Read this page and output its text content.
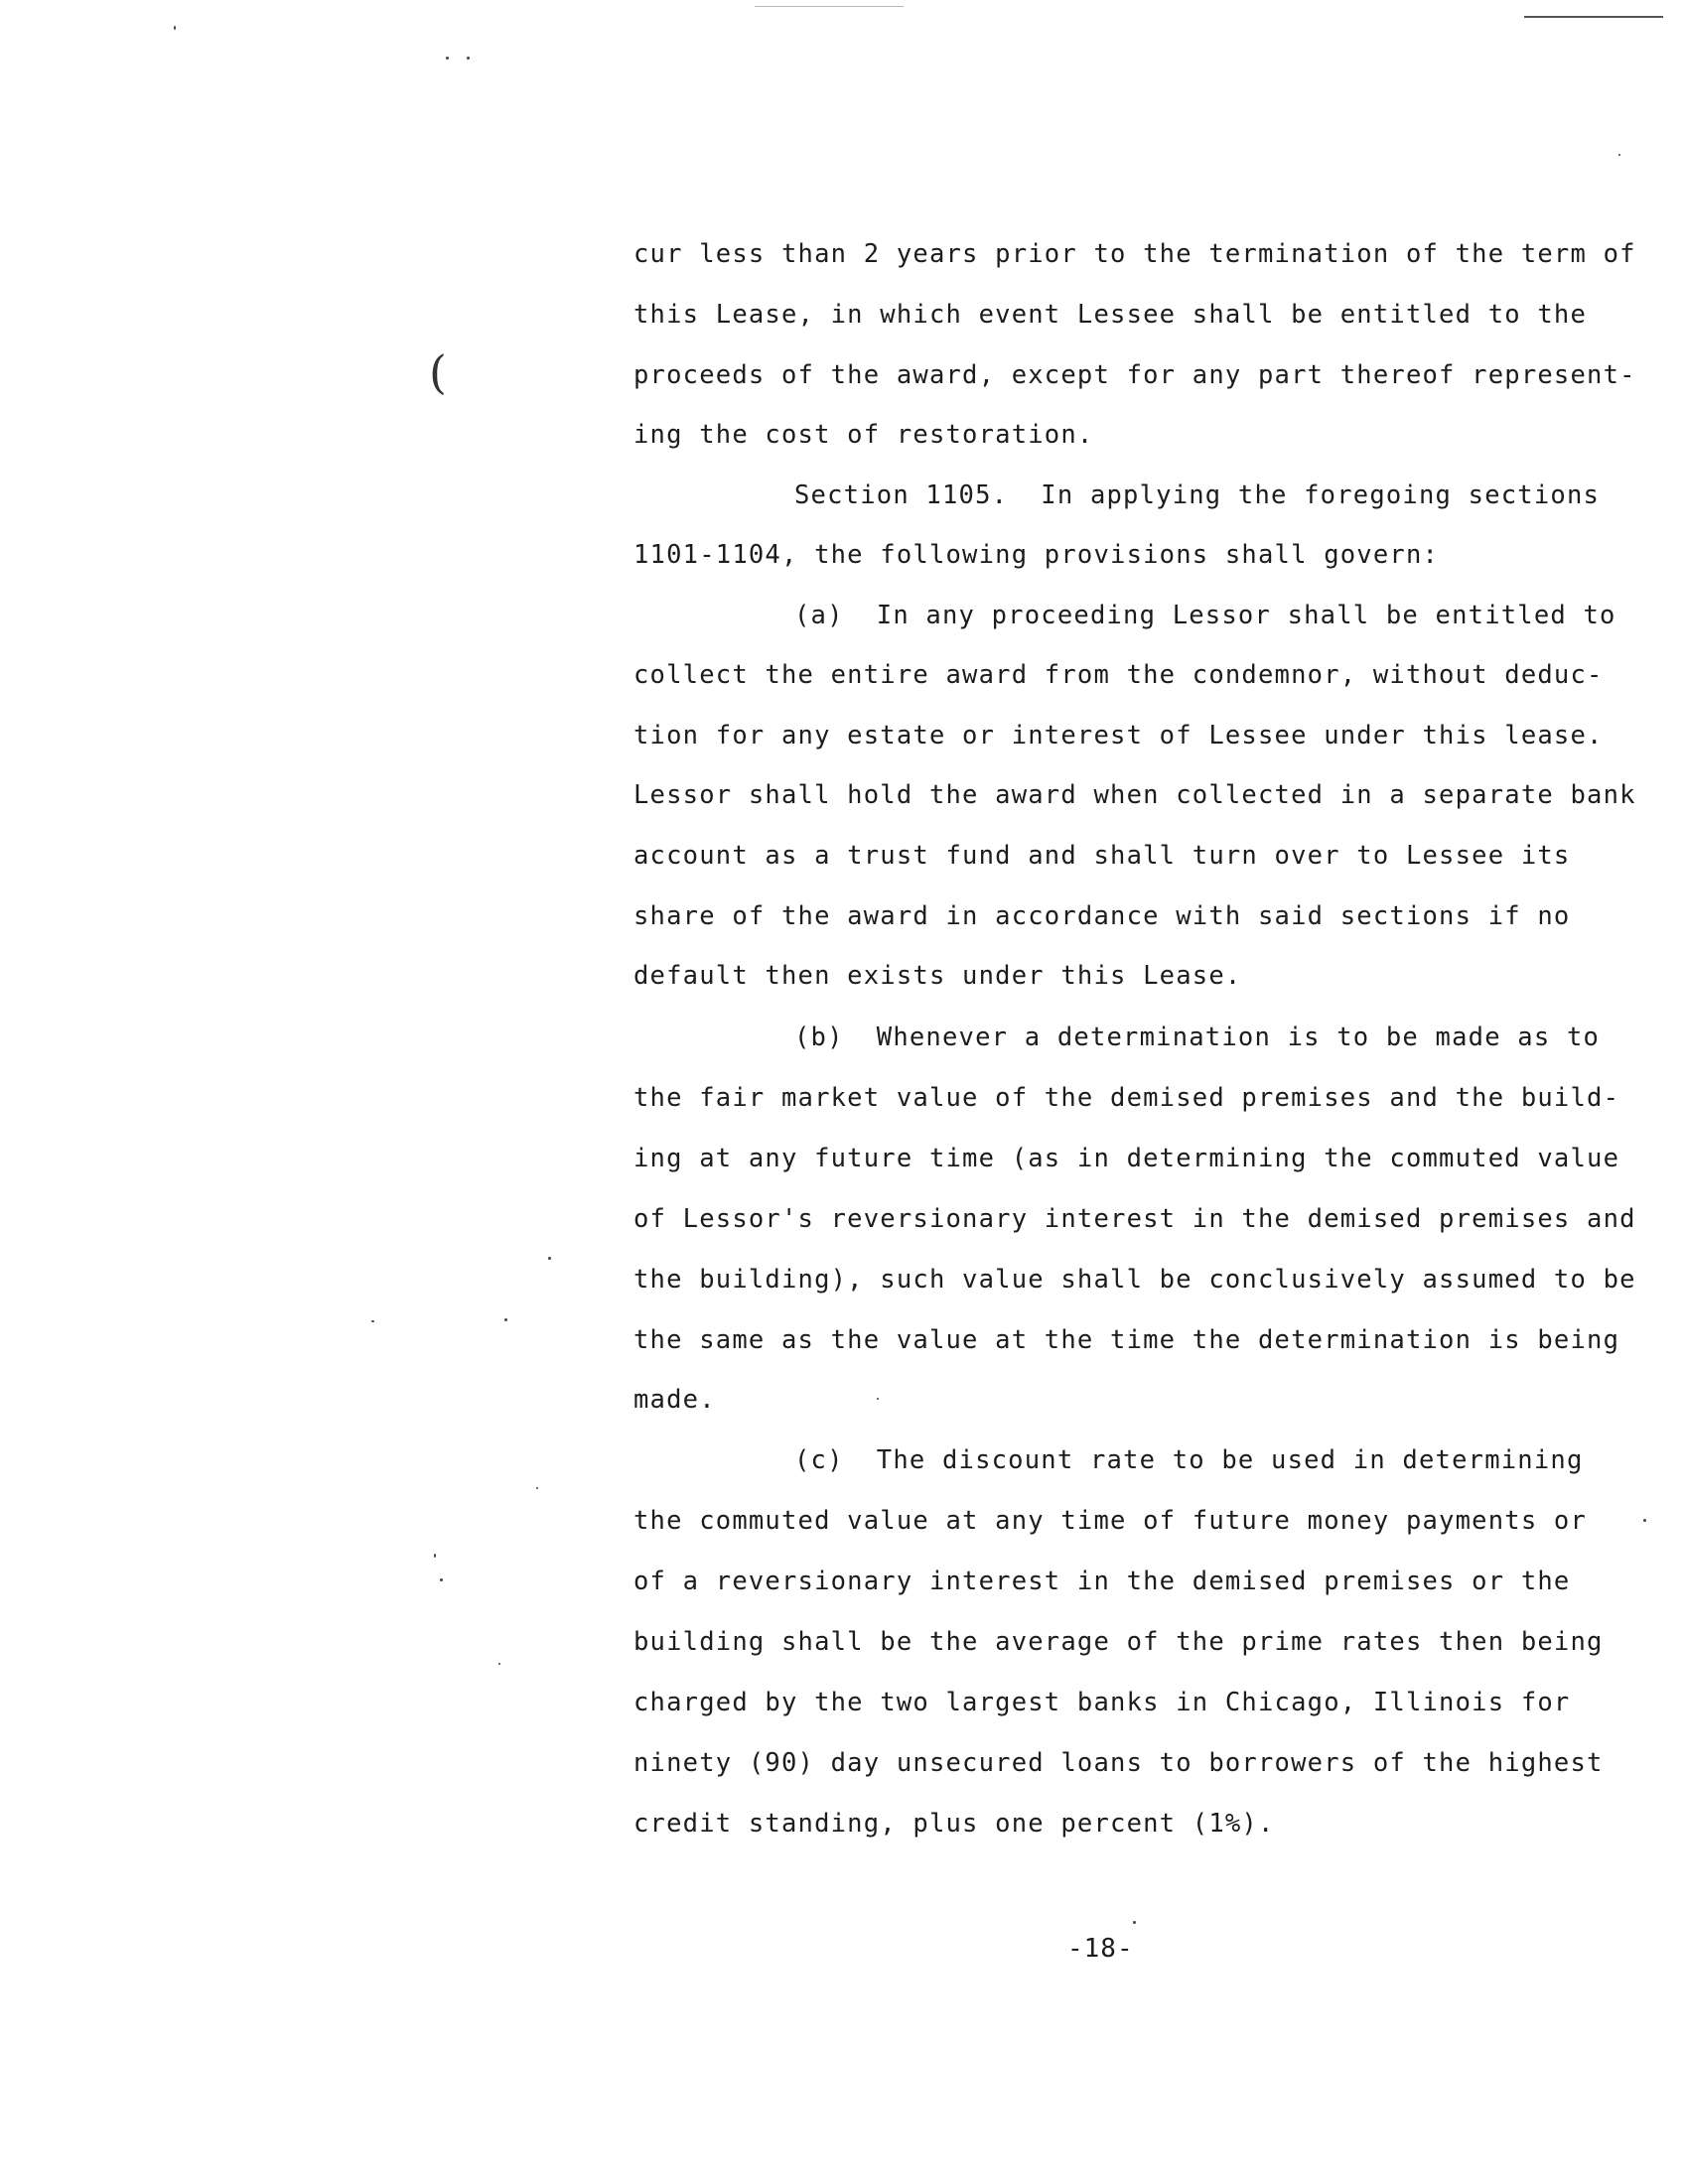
(
cur less than 2 years prior to the termination of the term of
this Lease, in which event Lessee shall be entitled to the
proceeds of the award, except for any part thereof represent-
ing the cost of restoration.
Section 1105.  In applying the foregoing sections
1101-1104, the following provisions shall govern:
(a)  In any proceeding Lessor shall be entitled to
collect the entire award from the condemnor, without deduc-
tion for any estate or interest of Lessee under this lease.
Lessor shall hold the award when collected in a separate bank
account as a trust fund and shall turn over to Lessee its
share of the award in accordance with said sections if no
default then exists under this Lease.
(b)  Whenever a determination is to be made as to
the fair market value of the demised premises and the build-
ing at any future time (as in determining the commuted value
of Lessor's reversionary interest in the demised premises and
the building), such value shall be conclusively assumed to be
the same as the value at the time the determination is being
made.
(c)  The discount rate to be used in determining
the commuted value at any time of future money payments or
of a reversionary interest in the demised premises or the
building shall be the average of the prime rates then being
charged by the two largest banks in Chicago, Illinois for
ninety (90) day unsecured loans to borrowers of the highest
credit standing, plus one percent (1%).
-18-
